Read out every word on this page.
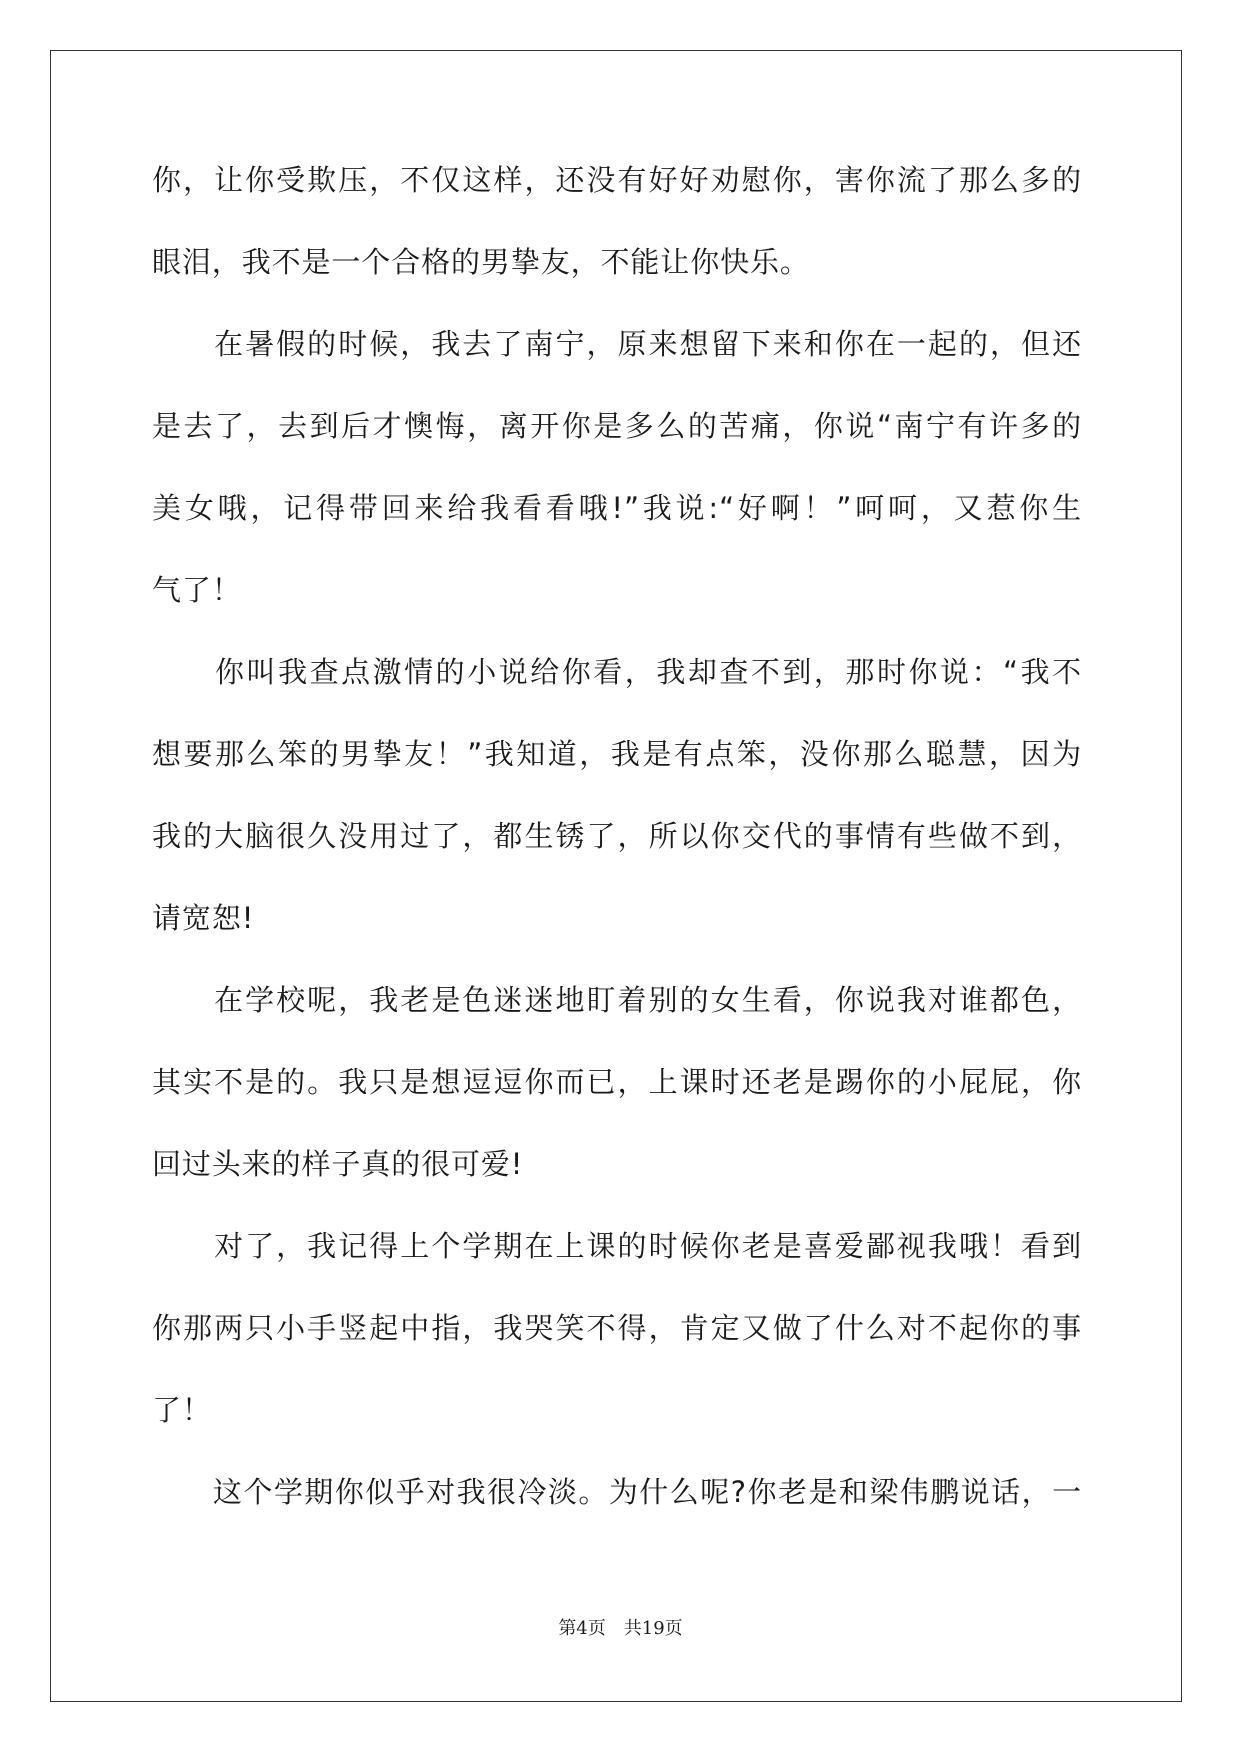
你，让你受欺压，不仅这样，还没有好好劝慰你，害你流了那么多的

眼泪，我不是一个合格的男挚友，不能让你快乐。

　　在暑假的时候，我去了南宁，原来想留下来和你在一起的，但还

是去了，去到后才懊悔，离开你是多么的苦痛，你说“南宁有许多的

美女哦，记得带回来给我看看哦!”我说:“好啊！”呵呵，又惹你生

气了！

　　你叫我查点激情的小说给你看，我却查不到，那时你说：“我不

想要那么笨的男挚友！”我知道，我是有点笨，没你那么聪慧，因为

我的大脑很久没用过了，都生锈了，所以你交代的事情有些做不到，

请宽恕!

　　在学校呢，我老是色迷迷地盯着别的女生看，你说我对谁都色，

其实不是的。我只是想逗逗你而已，上课时还老是踢你的小屁屁，你

回过头来的样子真的很可爱!

　　对了，我记得上个学期在上课的时候你老是喜爱鄙视我哦！看到

你那两只小手竖起中指，我哭笑不得，肯定又做了什么对不起你的事

了！

　　这个学期你似乎对我很冷淡。为什么呢?你老是和梁伟鹏说话，一

第4页　共19页
